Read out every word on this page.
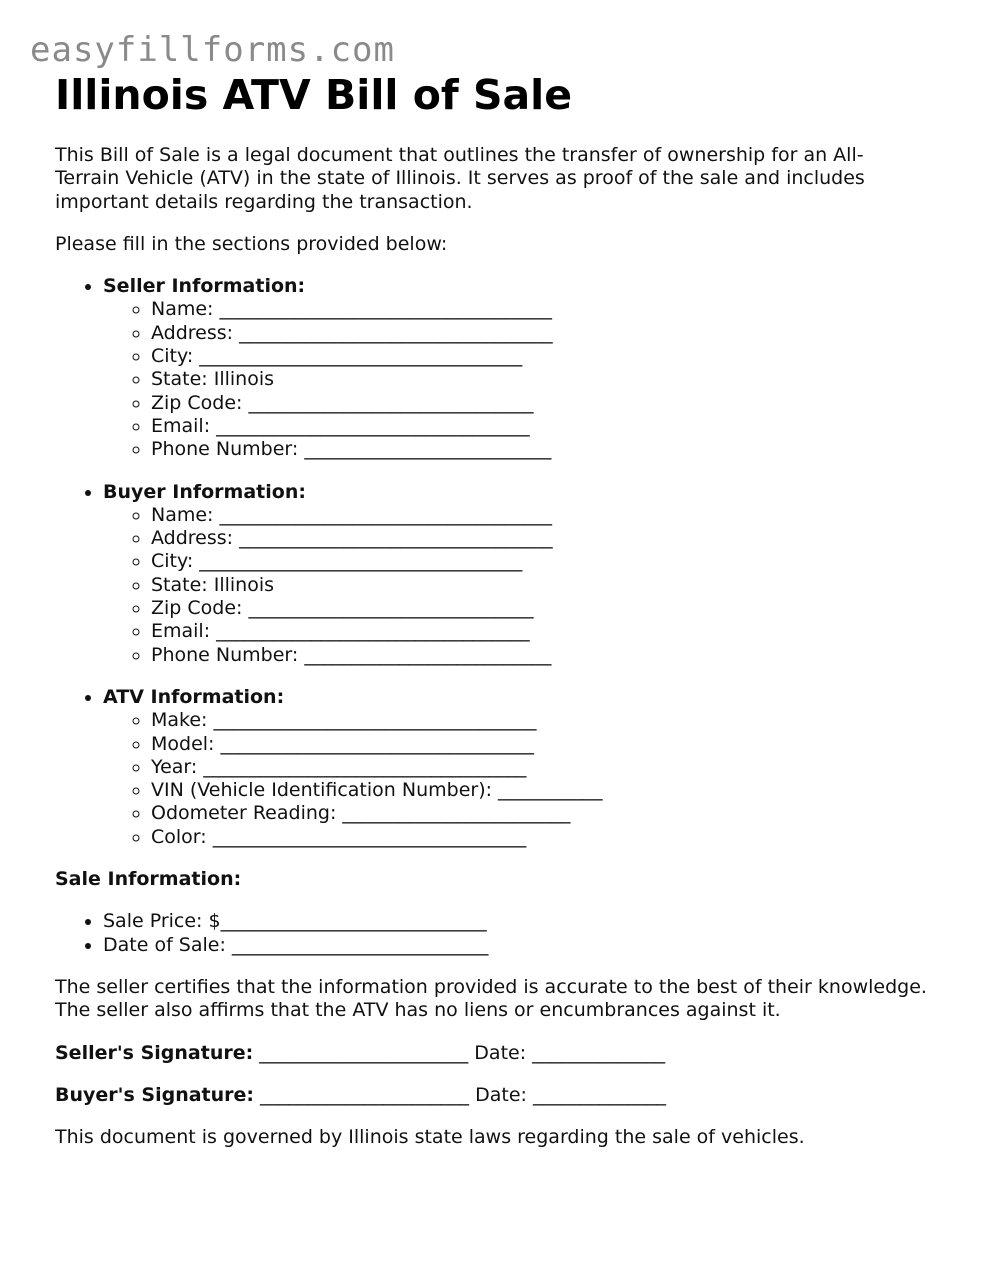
easyfillforms.com
Illinois ATV Bill of Sale

This Bill of Sale is a legal document that outlines the transfer of ownership for an All-Terrain Vehicle (ATV) in the state of Illinois. It serves as proof of the sale and includes important details regarding the transaction.

Please fill in the sections provided below:

• Seller Information:
◦ Name: ___________________________________
◦ Address: _________________________________
◦ City: __________________________________
◦ State: Illinois
◦ Zip Code: ______________________________
◦ Email: _________________________________
◦ Phone Number: __________________________
• Buyer Information:
◦ Name: ___________________________________
◦ Address: _________________________________
◦ City: __________________________________
◦ State: Illinois
◦ Zip Code: ______________________________
◦ Email: _________________________________
◦ Phone Number: __________________________
• ATV Information:
◦ Make: __________________________________
◦ Model: _________________________________
◦ Year: __________________________________
◦ VIN (Vehicle Identification Number): ___________
◦ Odometer Reading: ________________________
◦ Color: _________________________________
Sale Information:
• Sale Price: $____________________________
• Date of Sale: ___________________________

The seller certifies that the information provided is accurate to the best of their knowledge. The seller also affirms that the ATV has no liens or encumbrances against it.

Seller's Signature: ______________________ Date: ______________

Buyer's Signature: ______________________ Date: ______________

This document is governed by Illinois state laws regarding the sale of vehicles.
